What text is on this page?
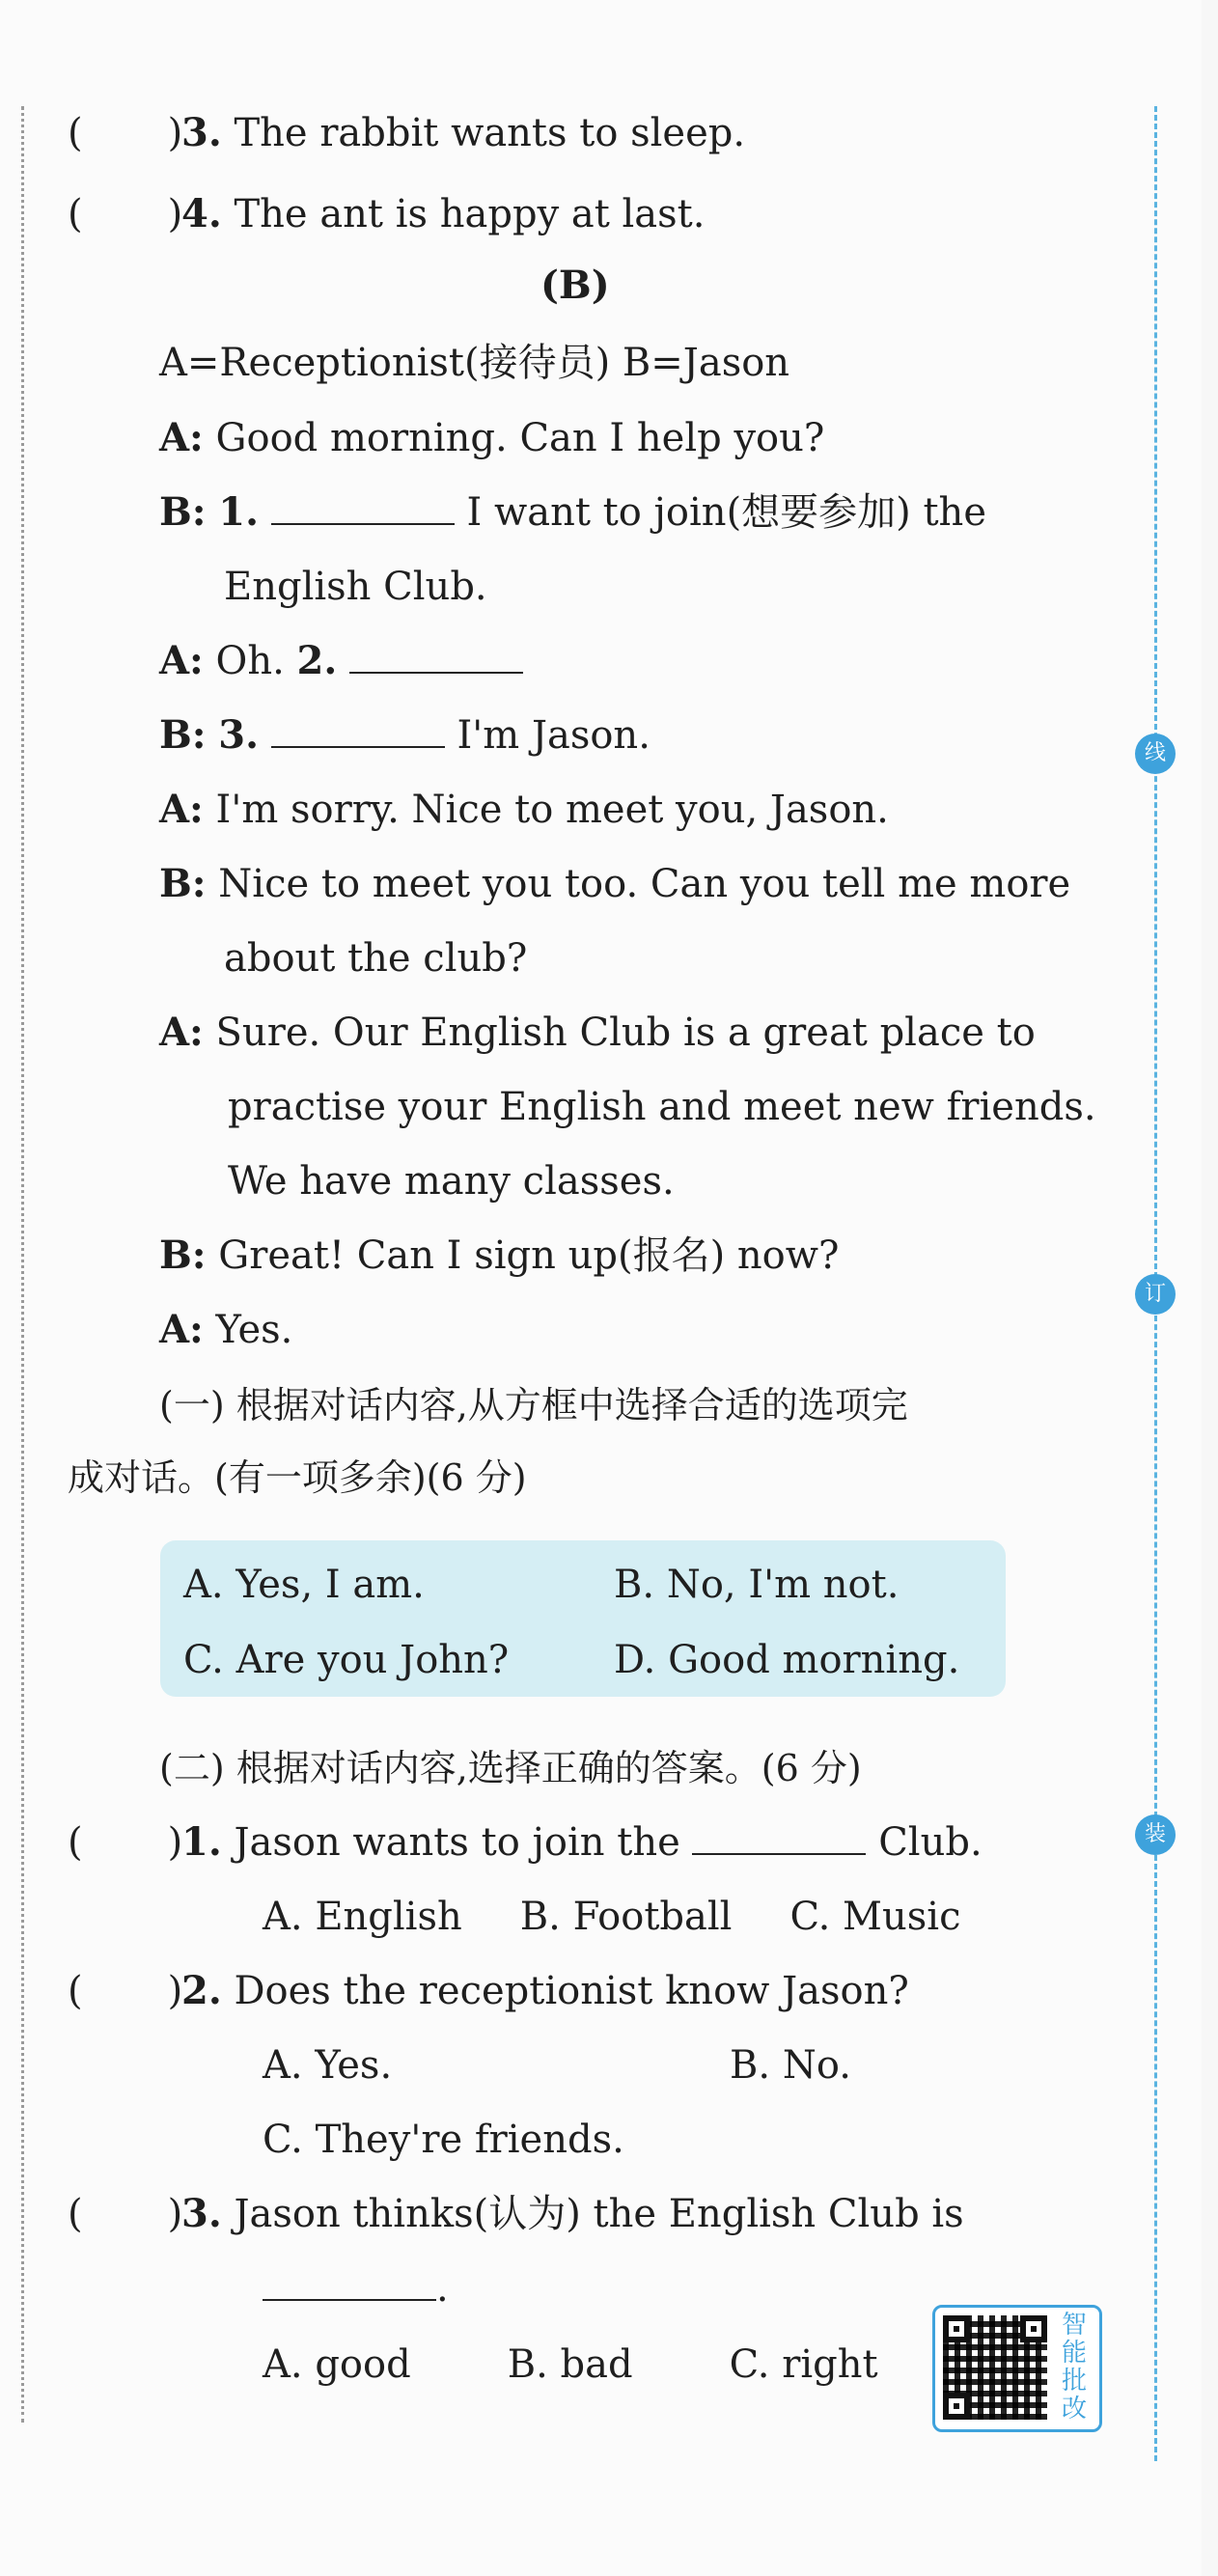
线
订
装
( )3. The rabbit wants to sleep.
( )4. The ant is happy at last.
(B)
A=Receptionist(接待员) B=Jason
A: Good morning. Can I help you?
B: 1.	I want to join(想要参加) the
English Club.
A: Oh. 2.
B: 3.	I'm Jason.
A: I'm sorry. Nice to meet you, Jason.
B: Nice to meet you too. Can you tell me more
about the club?
A: Sure. Our English Club is a great place to
practise your English and meet new friends.
We have many classes.
B: Great! Can I sign up(报名) now?
A: Yes.
(一) 根据对话内容,从方框中选择合适的选项完
成对话。(有一项多余)(6 分)
A. Yes, I am.	B. No, I'm not.
C. Are you John?	D. Good morning.
(二) 根据对话内容,选择正确的答案。(6 分)
( )1. Jason wants to join the	Club.
A. English B. Football C. Music
( )2. Does the receptionist know Jason?
A. Yes.	B. No.
C. They're friends.
( )3. Jason thinks(认为) the English Club is
.
A. good	B. bad	C. right
智
能
批
改
